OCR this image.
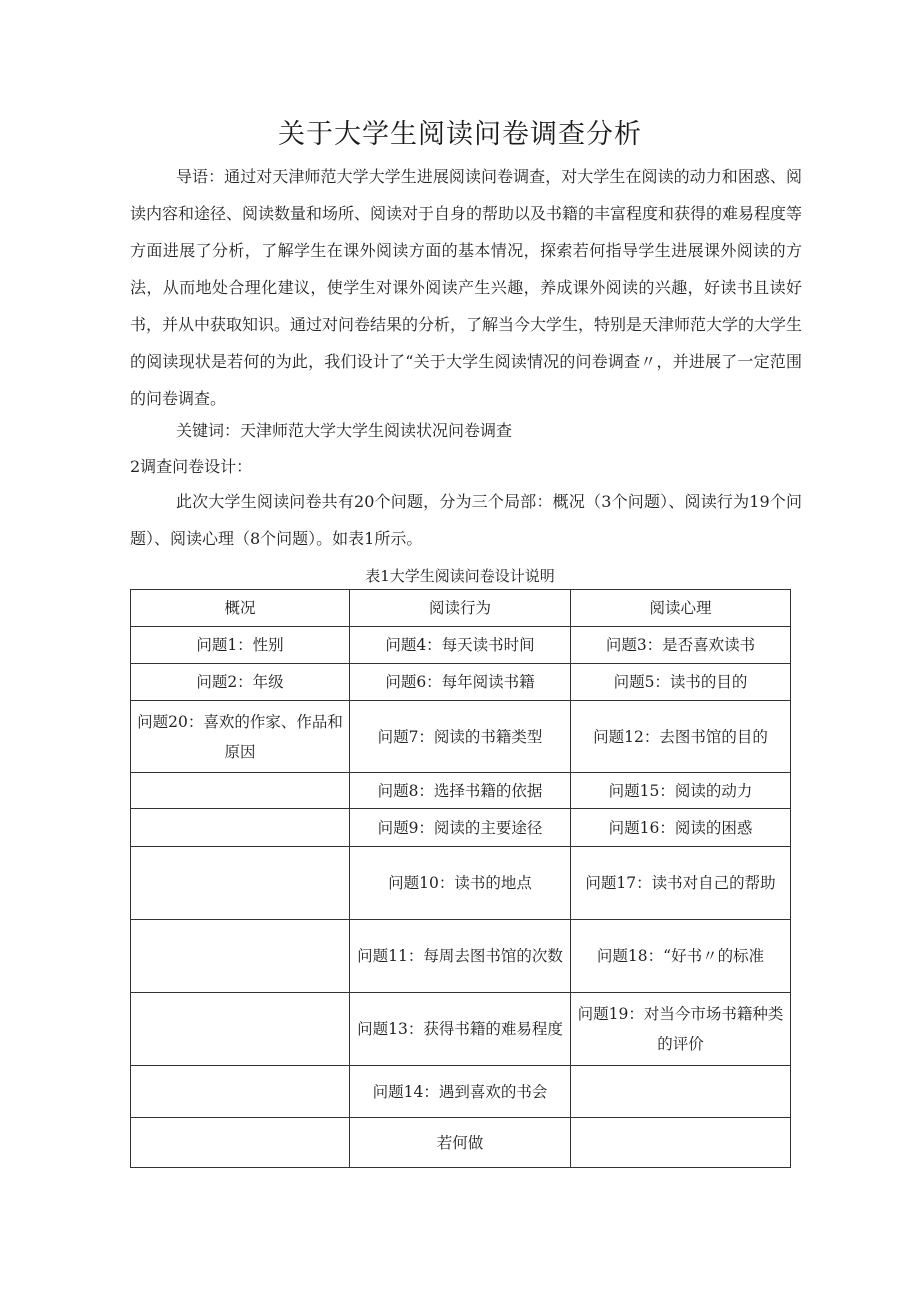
关于大学生阅读问卷调查分析

导语：通过对天津师范大学大学生进展阅读问卷调查，对大学生在阅读的动力和困惑、阅读内容和途径、阅读数量和场所、阅读对于自身的帮助以及书籍的丰富程度和获得的难易程度等方面进展了分析，了解学生在课外阅读方面的基本情况，探索若何指导学生进展课外阅读的方法，从而地处合理化建议，使学生对课外阅读产生兴趣，养成课外阅读的兴趣，好读书且读好书，并从中获取知识。通过对问卷结果的分析，了解当今大学生，特别是天津师范大学的大学生的阅读现状是若何的为此，我们设计了“关于大学生阅读情况的问卷调查〃，并进展了一定范围的问卷调查。

关键词：天津师范大学大学生阅读状况问卷调查

2调查问卷设计：

此次大学生阅读问卷共有20个问题，分为三个局部：概况（3个问题）、阅读行为19个问题）、阅读心理（8个问题）。如表1所示。

表1大学生阅读问卷设计说明
概况	阅读行为	阅读心理
问题1：性别	问题4：每天读书时间	问题3：是否喜欢读书
问题2：年级	问题6：每年阅读书籍	问题5：读书的目的
问题20：喜欢的作家、作品和原因	问题7：阅读的书籍类型	问题12：去图书馆的目的
	问题8：选择书籍的依据	问题15：阅读的动力
	问题9：阅读的主要途径	问题16：阅读的困惑
	问题10：读书的地点	问题17：读书对自己的帮助
	问题11：每周去图书馆的次数	问题18：“好书〃的标准
	问题13：获得书籍的难易程度	问题19：对当今市场书籍种类的评价
	问题14：遇到喜欢的书会	
	若何做	
